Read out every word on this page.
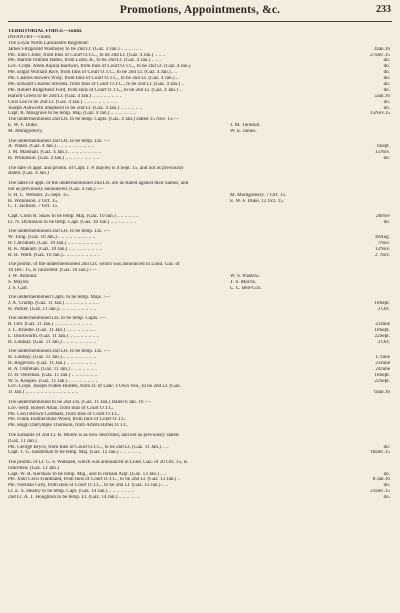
Promotions, Appointments, &c.	233
TERRITORIAL FORCE—contd.
INFANTRY—contd.
The Loyal North Lancashire Regiment.
James Fitzgerald Walmsley to be 2nd Lt. (Gaz. 3 Jan.) .. .. .. .. .. ..	4Jan.16
Pte. John Crone, from Inns of Court O.T.C., to be 2nd Lt. (Gaz. 4 Jan.) .. .. ..	27Dec.15
Pte. Harold Outram Batho, from Lond. R., to be 2nd Lt. (Gaz. 4 Jan.) .. .. ..	do.
Lce.-Corpl. Allen Aquila Baldwin, from Inns of Court O.T.C., to be 2nd Lt. (Gaz. 4 Jan.)	do.
Pte. Edgar William Rice, from Inns of Court O.T.C., to be 2nd Lt. (Gaz. 4 Jan.).. ..	do.
Pte. Charles Bowers Wray, from Inns of Court O.T.C., to be 2nd Lt. (Gaz. 4 Jan.) ..	do.
Pte. Edward Charles Stevens, from Inns of Court O.T.C., to be 2nd Lt. (Gaz. 4 Jan.) ..	do.
Pte. Robert Ridgefield Ford, from Inns of Court O.T.C., to be 2nd Lt. (Gaz. 4 Jan.) ..	do.
Harold Green to be 2nd Lt. (Gaz. 4 Jan.) .. .. .. .. .. .. .. ..	5Jan.16
Gilis Lee to be 2nd Lt. (Gaz. 4 Jan.) .. .. .. .. .. .. .. .. ..	do.
Joseph Ashworth Shepherd to be 2nd Lt. (Gaz. 4 Jan.) .. .. .. .. .. ..	do.
Capt. R. Musgrave to be temp. Maj. (Gaz. 4 Jan.) .. .. .. .. .. .. ..	15Nov.15
The undermentioned 2nd Lts. to be temp. Capts. (Gaz. 4 Jan.) Dated 15 Nov. 15:—
E. W. F. Duke.	J. M. Turnbull.
M. Montgomery.	W. E. James.
The undermentioned 2nd Lts. to be temp. Lts. :—
A. Walsh. (Gaz. 4 Jan.) .. .. .. .. .. .. .. .. .. ..	6Sept.
J. M. Marshall. (Gaz. 4 Jan.) .. .. .. .. .. .. .. .. ..	15Nov.
H. Wilkinson. (Gaz. 4 Jan.) .. .. .. .. .. .. .. .. ..	do.
The date of appt. and promn. of Capt. J. P. Bayley is 4 Sept. 15, and not as previously
stated. (Gaz. 4 Jan.)
The dates of appt. of the undermentioned 2nd Lts. are as stated against their names, and
not as previously announced. (Gaz. 4 Jan.) :—
S. H. C. Webster. 25 Sept. 15.	M. Montgomery. 7 Oct. 15.
H. Wilkinson. 2 Oct. 15.	E. W. F. Duke. 12 Oct. 15.
C. T. Jackson. 7 Oct. 15.
Capt. Colin R. Shaw to be temp. Maj. (Gaz. 10 Jan.) .. .. .. .. .. ..	28Nov
Lt. N. Dickinson to be temp. Capt. (Gaz. 10 Jan.) .. .. .. .. .. .. ..	do.
The undermentioned 2nd Lts. to be temp. Lts. :—
W. Tong. (Gaz. 10 Jan.) .. .. .. .. .. .. .. .. .. ..	18Aug.
H. Chronnell. (Gaz. 10 Jan.) .. .. .. .. .. .. .. .. ..	7Nov.
R. K. Makant. (Gaz. 10 Jan.) .. .. .. .. .. .. .. .. ..	12Nov.
R. H. Ward. (Gaz. 10 Jan.).. .. .. .. .. .. .. .. .. ..	2. Nov.
The promn. of the undermentioned 2nd Lts. which was announced in Lond. Gaz. of
10 Dec. 15, is cancelled. (Gaz. 10 Jan.) :—
J. W. Almond.	W. S. Plastow.
S. Mayoh.	T. S. Morris.
J. S. Carr.	L. C. Bell-Cox.
The undermentioned Capts. to be temp. Majs. :—
J. A. Crump. (Gaz. 11 Jan.) .. .. .. .. .. .. .. .. ..	18Sept.
H. Parker. (Gaz. 11 Jan.).. .. .. .. .. .. .. .. .. ..	3 Oct.
The undermentioned Lts. to be temp. Capts. :—
R. Ord. (Gaz. 11 Jan.) .. .. .. .. .. .. .. .. .. ..	23June
J. L. Brindle. (Gaz. 11 Jan.) .. .. .. .. .. .. .. ..	18Sept.
L. Duckworth. (Gaz. 11 Jan.) .. .. .. .. .. .. .. ..	22Sept.
H. Lindsay. (Gaz. 11 Jan.) .. .. .. .. .. .. .. .. ..	3 Oct.
The undermentioned 2nd Lts. to be temp. Lts. :—
H. Lindsay. (Gaz. 11 Jan.) .. .. .. .. .. .. .. .. ..	17June
H. Rogerson. (Gaz. 11 Jan.) .. .. .. .. .. .. .. ..	23June
R. A. Ostrehan. (Gaz. 11 Jan.) .. .. .. .. .. .. ..	24June
D. H. Ostrehan. (Gaz. 11 Jan.) .. .. .. .. .. .. ..	18Sept.
W. S. Koopes. (Gaz. 11 Jan.) .. .. .. .. .. .. .. ..	22Sept.
Lce.-Corpl. Joseph Foden Holden, from D. of Lanc.'s Own Yeo., to be 2nd Lt. (Gaz.
11 Jan.) .. .. .. .. .. .. .. .. .. .. .. .. .. ..	6Jan.16
The undermentioned to be 2nd Lts. (Gaz. 11 Jan.) Dated 6 Jan. 16 :—
Lce.-Serjt. Robert Allan, from Inns of Court O.T.C.
Pte. Cecil Brown Coldham, from Inns of Court O.T.C.
Pte. Frank Featherstone Wood, from Inns of Court O.T.C.
Pte. Hugh Dalrymple Thomson, from Artists Rifles O.T.C.
The surname of 2nd Lt. B. Moore is as now described, and not as previously stated.
(Gaz. 11 Jan.)
Pte. George Bryce, from Inns of Court O.T.C., to be 2nd Lt. (Gaz. 11 Jan.) .. ..	do.
Capt. T. G. Sandeman to be temp. Maj. (Gaz. 12 Jan.) .. .. .. .. .. ..	18Dec.15
The promn. of Lt. G. F. Walkden, which was announced in Lond. Gaz. of 20 Oct. 15, is
cancelled. (Gaz. 12 Jan.)
Capt. W. R. Kershaw to be temp. Maj., and to remain Adjt. (Gaz. 13 Jan.) .. ..	do.
Pte. John Cecil Frankland, from Inns of Court O.T.C., to be 2nd Lt. (Gaz. 13 Jan.) ..	8 Jan.16
Pte. Norman Grey, from Inns of Court O.T.C., to be 2nd Lt. (Gaz. 13 Jan.) .. ..	do.
Lt. E. S. Healey to be temp. Capt. (Gaz. 14 Jan.) .. .. .. .. .. .. ..	21Dec.15
2nd Lt. A. T. Houghton to be temp. Lt. (Gaz. 14 Jan.) .. .. .. .. .. ..	do.
